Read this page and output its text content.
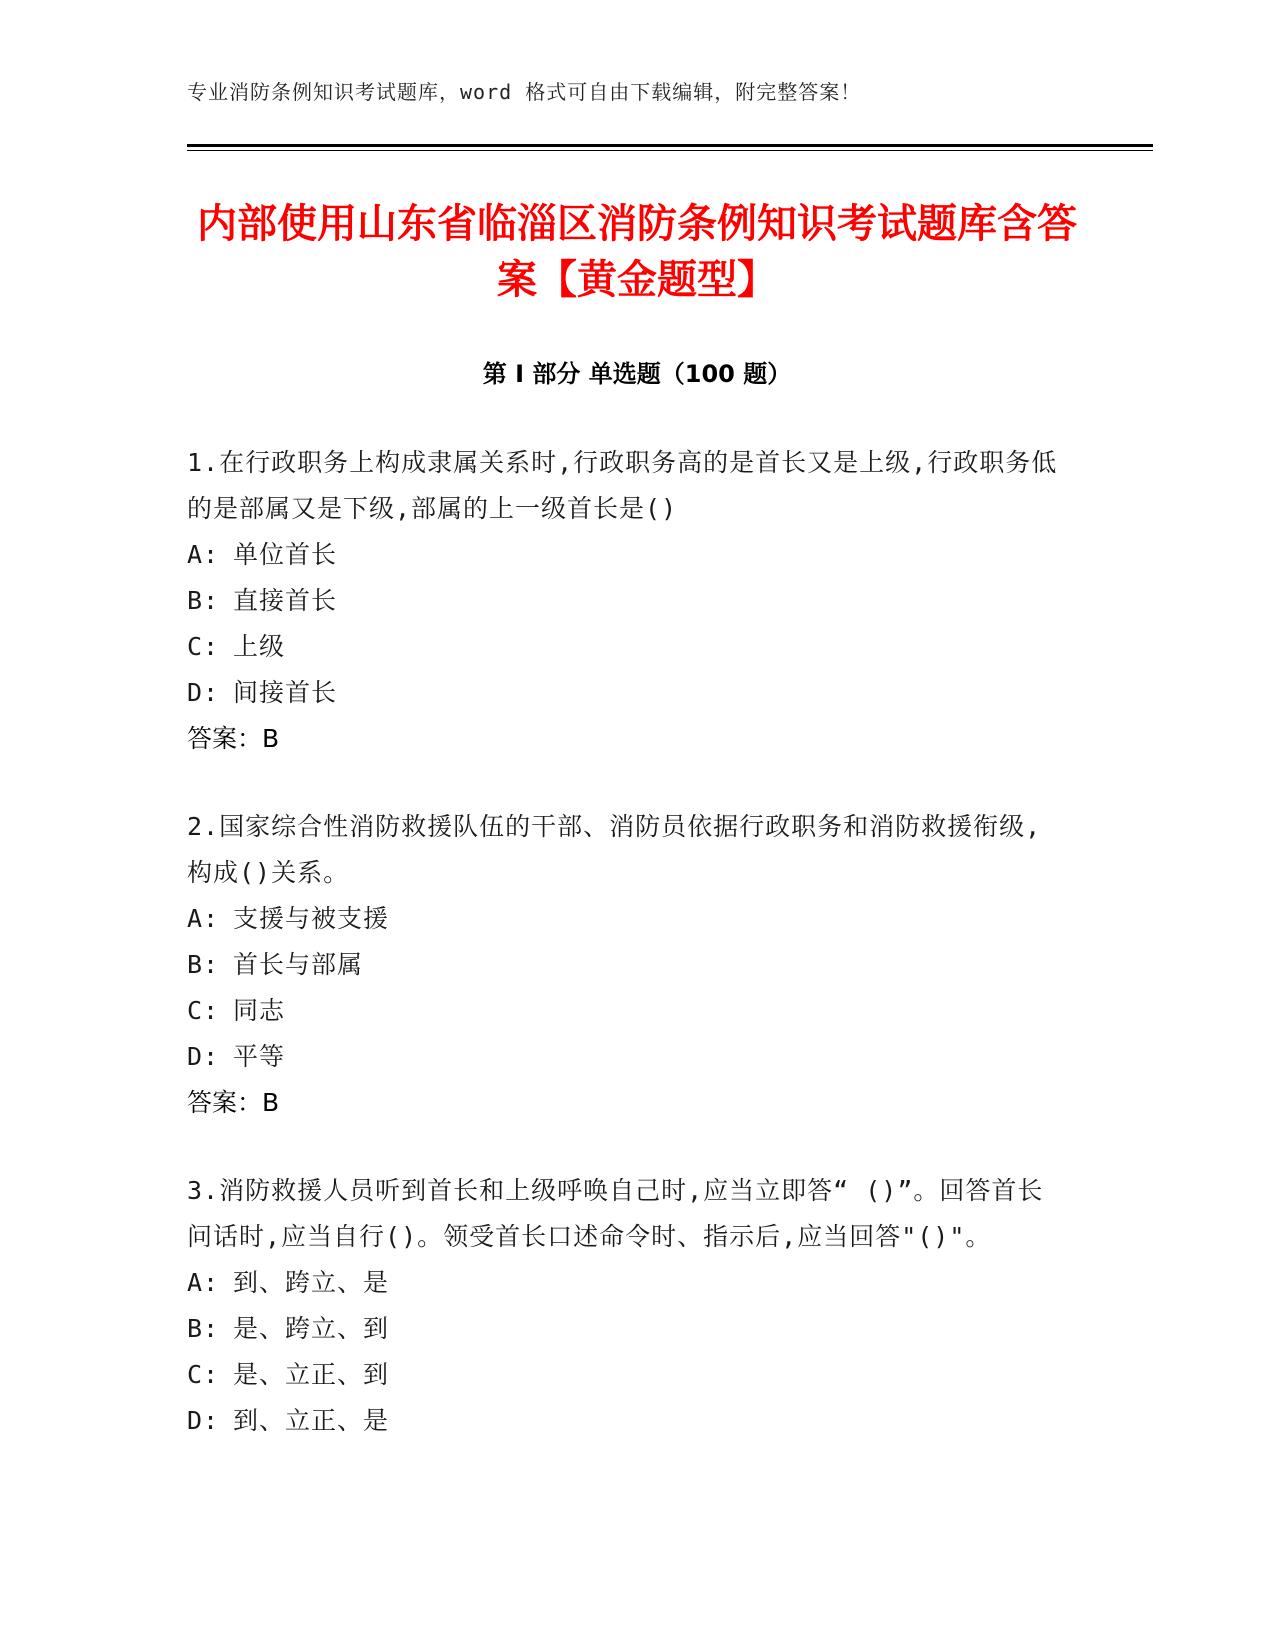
专业消防条例知识考试题库，word 格式可自由下载编辑，附完整答案！
内部使用山东省临淄区消防条例知识考试题库含答案【黄金题型】
第 I 部分 单选题（100 题）

1.在行政职务上构成隶属关系时,行政职务高的是首长又是上级,行政职务低的是部属又是下级,部属的上一级首长是()

A: 单位首长
B: 直接首长
C: 上级
D: 间接首长
答案：B

2.国家综合性消防救援队伍的干部、消防员依据行政职务和消防救援衔级,构成()关系。

A: 支援与被支援
B: 首长与部属
C: 同志
D: 平等
答案：B

3.消防救援人员听到首长和上级呼唤自己时,应当立即答“ ()”。回答首长问话时,应当自行()。领受首长口述命令时、指示后,应当回答"()"。

A: 到、跨立、是
B: 是、跨立、到
C: 是、立正、到
D: 到、立正、是
